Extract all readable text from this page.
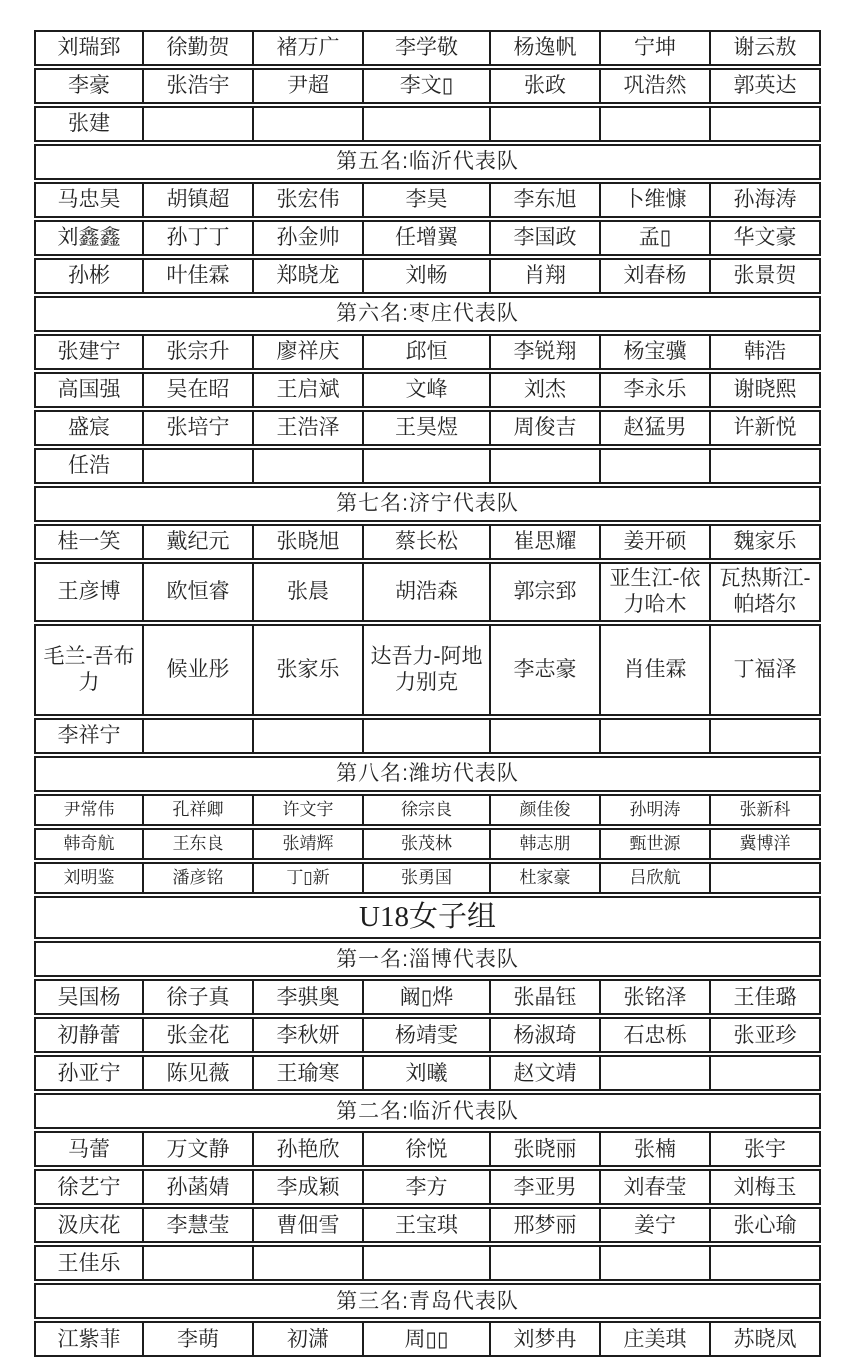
刘瑞郅	徐勤贺	褚万广	李学敬	杨逸帆	宁坤	谢云敖
李豪	张浩宇	尹超	李文▯	张政	巩浩然	郭英达
张建						
第五名:临沂代表队						
马忠昊	胡镇超	张宏伟	李昊	李东旭	卜维慷	孙海涛
刘鑫鑫	孙丁丁	孙金帅	任增翼	李国政	孟▯	华文豪
孙彬	叶佳霖	郑晓龙	刘畅	肖翔	刘春杨	张景贺
第六名:枣庄代表队						
张建宁	张宗升	廖祥庆	邱恒	李锐翔	杨宝骥	韩浩
高国强	吴在昭	王启斌	文峰	刘杰	李永乐	谢晓熙
盛宸	张培宁	王浩泽	王昊煜	周俊吉	赵猛男	许新悦
任浩						
第七名:济宁代表队						
桂一笑	戴纪元	张晓旭	蔡长松	崔思耀	姜开硕	魏家乐
王彦博	欧恒睿	张晨	胡浩森	郭宗郅	亚生江-依力哈木	瓦热斯江-帕塔尔
毛兰-吾布力	候业彤	张家乐	达吾力-阿地力别克	李志豪	肖佳霖	丁福泽
李祥宁						
第八名:潍坊代表队						
尹常伟	孔祥卿	许文宇	徐宗良	颜佳俊	孙明涛	张新科
韩奇航	王东良	张靖辉	张茂林	韩志朋	甄世源	冀博洋
刘明鉴	潘彦铭	丁▯新	张勇国	杜家豪	吕欣航	
U18女子组						
第一名:淄博代表队						
吴国杨	徐子真	李骐奥	阚▯烨	张晶钰	张铭泽	王佳璐
初静蕾	张金花	李秋妍	杨靖雯	杨淑琦	石忠栎	张亚珍
孙亚宁	陈见薇	王瑜寒	刘曦	赵文靖		
第二名:临沂代表队						
马蕾	万文静	孙艳欣	徐悦	张晓丽	张楠	张宇
徐艺宁	孙菡婧	李成颖	李方	李亚男	刘春莹	刘梅玉
汲庆花	李慧莹	曹佃雪	王宝琪	邢梦丽	姜宁	张心瑜
王佳乐						
第三名:青岛代表队						
江紫菲	李萌	初潇	周▯▯	刘梦冉	庄美琪	苏晓凤
